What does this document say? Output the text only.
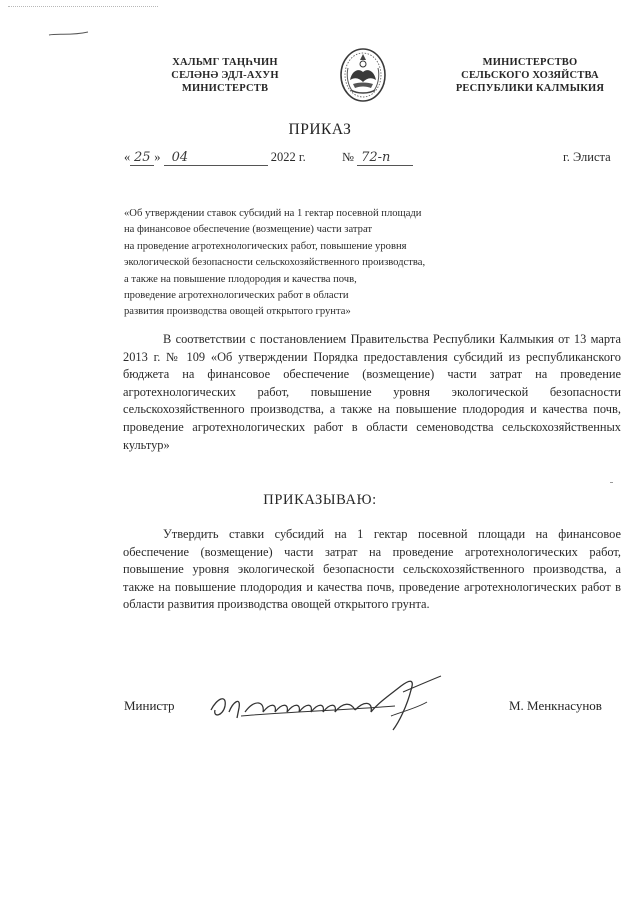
ХАЛЬМГ ТАҢҺЧИН
СЕЛӘНӘ ЭДЛ-АХУН
МИНИСТЕРСТВ
МИНИСТЕРСТВО
СЕЛЬСКОГО ХОЗЯЙСТВА
РЕСПУБЛИКИ КАЛМЫКИЯ
ПРИКАЗ
« 25 » 04	2022 г.	№ 72-п	г. Элиста
«Об утверждении ставок субсидий на 1 гектар посевной площади
на финансовое обеспечение (возмещение) части затрат
на проведение агротехнологических работ, повышение уровня
экологической безопасности сельскохозяйственного производства,
а также на повышение плодородия и качества почв,
проведение агротехнологических работ в области
развития производства овощей открытого грунта»
В соответствии с постановлением Правительства Республики Калмыкия от 13 марта 2013 г. № 109 «Об утверждении Порядка предоставления субсидий из республиканского бюджета на финансовое обеспечение (возмещение) части затрат на проведение агротехнологических работ, повышение уровня экологической безопасности сельскохозяйственного производства, а также на повышение плодородия и качества почв, проведение агротехнологических работ в области семеноводства сельскохозяйственных культур»
ПРИКАЗЫВАЮ:
Утвердить ставки субсидий на 1 гектар посевной площади на финансовое обеспечение (возмещение) части затрат на проведение агротехнологических работ, повышение уровня экологической безопасности сельскохозяйственного производства, а также на повышение плодородия и качества почв, проведение агротехнологических работ в области развития производства овощей открытого грунта.
Министр	М. Менкнасунов
